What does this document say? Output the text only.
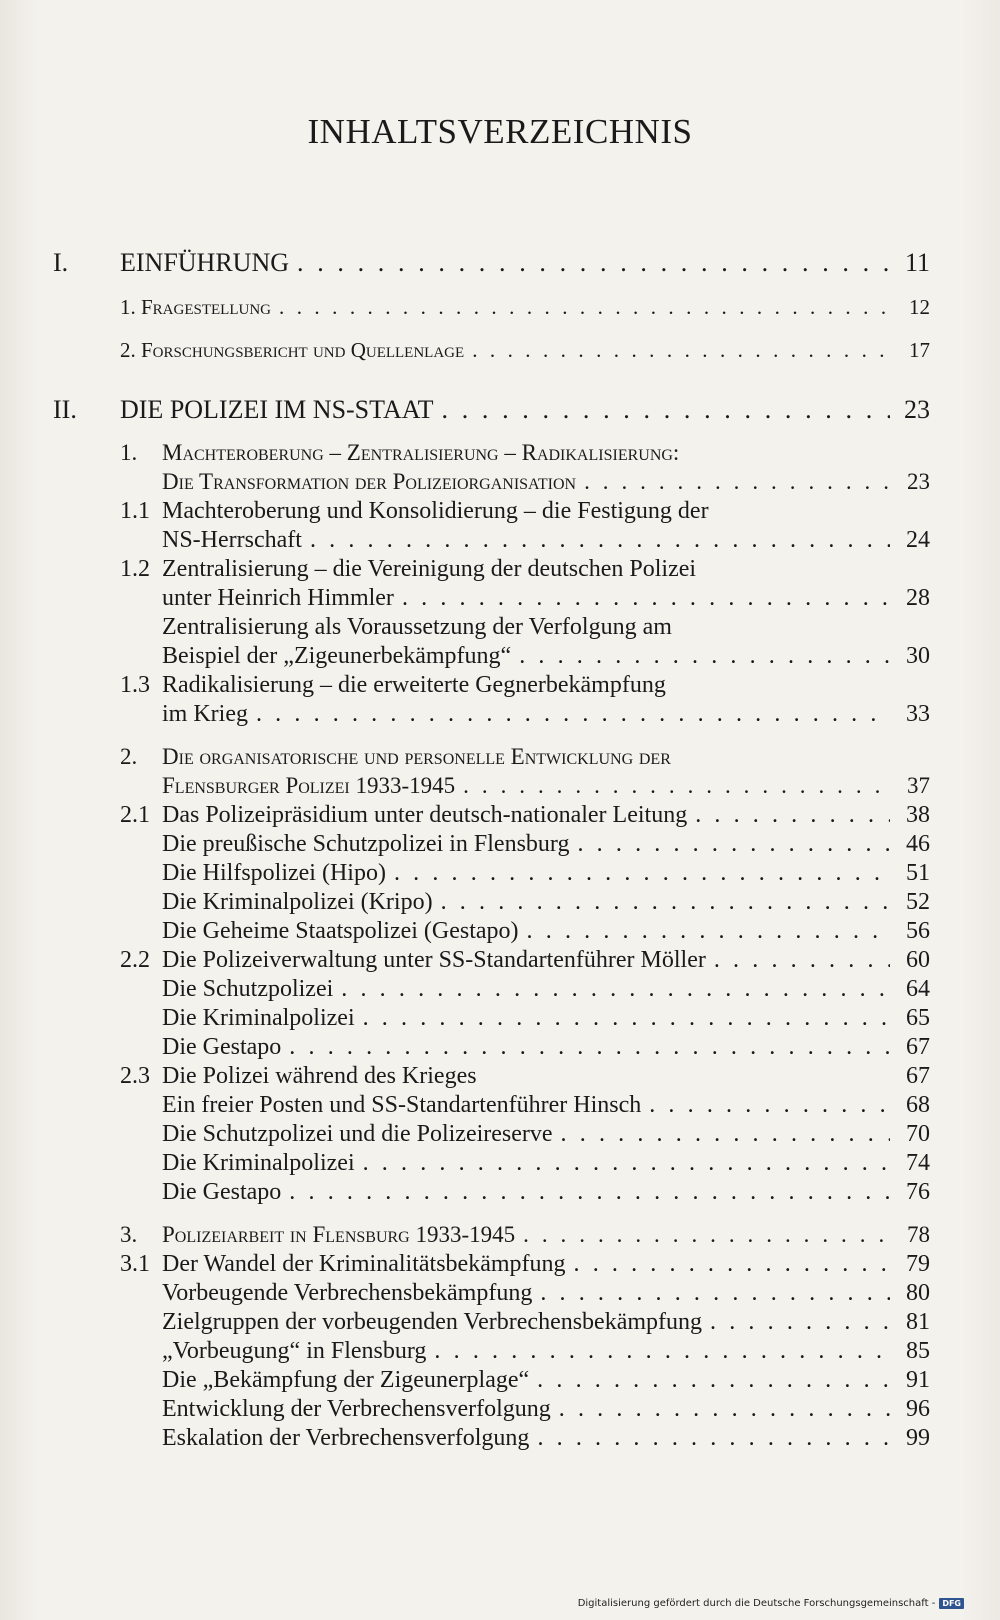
INHALTSVERZEICHNIS
I. EINFÜHRUNG . . .	11
1. Fragestellung . . .	12
2. Forschungsbericht und Quellenlage . . .	17
II. DIE POLIZEI IM NS-STAAT . . .	23
1. Machteroberung – Zentralisierung – Radikalisierung:
Die Transformation der Polizeiorganisation . . .	23
1.1 Machteroberung und Konsolidierung – die Festigung der
NS-Herrschaft . . .	24
1.2 Zentralisierung – die Vereinigung der deutschen Polizei
unter Heinrich Himmler . . .	28
Zentralisierung als Voraussetzung der Verfolgung am
Beispiel der „Zigeunerbekämpfung“ . . .	30
1.3 Radikalisierung – die erweiterte Gegnerbekämpfung
im Krieg . . .	33
2. Die organisatorische und personelle Entwicklung der
Flensburger Polizei 1933-1945 . . .	37
2.1 Das Polizeipräsidium unter deutsch-nationaler Leitung . . .	38
Die preußische Schutzpolizei in Flensburg . . .	46
Die Hilfspolizei (Hipo) . . .	51
Die Kriminalpolizei (Kripo) . . .	52
Die Geheime Staatspolizei (Gestapo) . . .	56
2.2 Die Polizeiverwaltung unter SS-Standartenführer Möller . . .	60
Die Schutzpolizei . . .	64
Die Kriminalpolizei . . .	65
Die Gestapo . . .	67
2.3 Die Polizei während des Krieges	67
Ein freier Posten und SS-Standartenführer Hinsch . . .	68
Die Schutzpolizei und die Polizeireserve . . .	70
Die Kriminalpolizei . . .	74
Die Gestapo . . .	76
3. Polizeiarbeit in Flensburg 1933-1945 . . .	78
3.1 Der Wandel der Kriminalitätsbekämpfung . . .	79
Vorbeugende Verbrechensbekämpfung . . .	80
Zielgruppen der vorbeugenden Verbrechensbekämpfung . . .	81
„Vorbeugung“ in Flensburg . . .	85
Die „Bekämpfung der Zigeunerplage“ . . .	91
Entwicklung der Verbrechensverfolgung . . .	96
Eskalation der Verbrechensverfolgung . . .	99
Digitalisierung gefördert durch die Deutsche Forschungsgemeinschaft - DFG
